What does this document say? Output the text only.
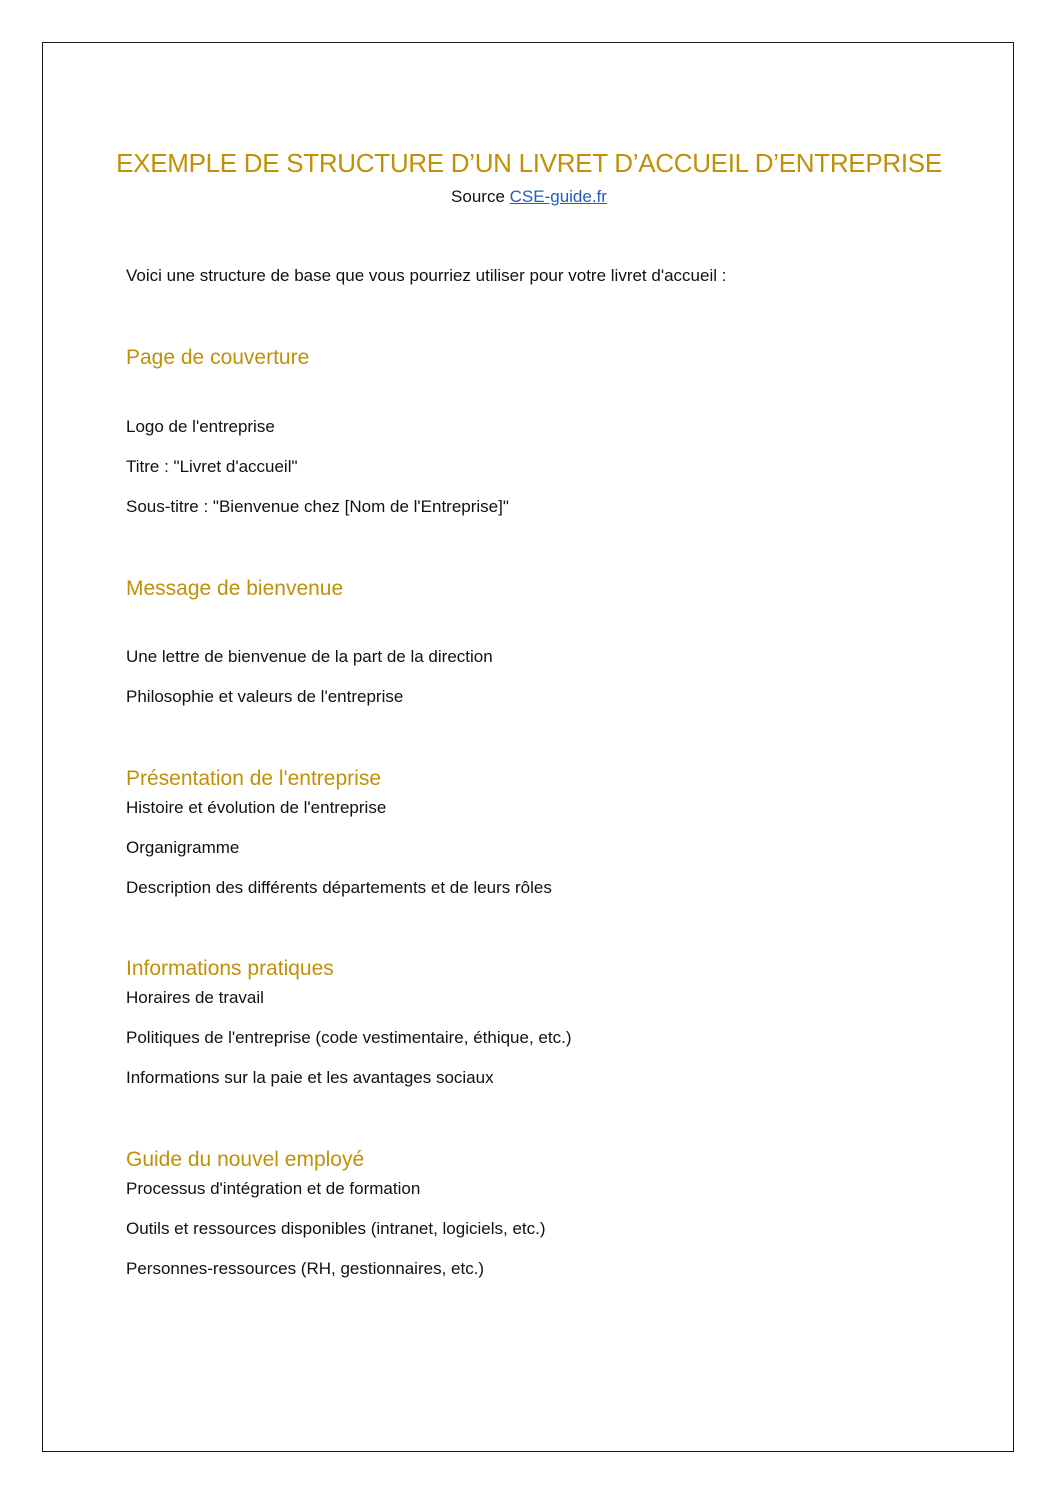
EXEMPLE DE STRUCTURE D’UN LIVRET D’ACCUEIL D’ENTREPRISE
Source CSE-guide.fr
Voici une structure de base que vous pourriez utiliser pour votre livret d'accueil :
Page de couverture
Logo de l'entreprise
Titre : "Livret d'accueil"
Sous-titre : "Bienvenue chez [Nom de l'Entreprise]"
Message de bienvenue
Une lettre de bienvenue de la part de la direction
Philosophie et valeurs de l'entreprise
Présentation de l'entreprise
Histoire et évolution de l'entreprise
Organigramme
Description des différents départements et de leurs rôles
Informations pratiques
Horaires de travail
Politiques de l'entreprise (code vestimentaire, éthique, etc.)
Informations sur la paie et les avantages sociaux
Guide du nouvel employé
Processus d'intégration et de formation
Outils et ressources disponibles (intranet, logiciels, etc.)
Personnes-ressources (RH, gestionnaires, etc.)
